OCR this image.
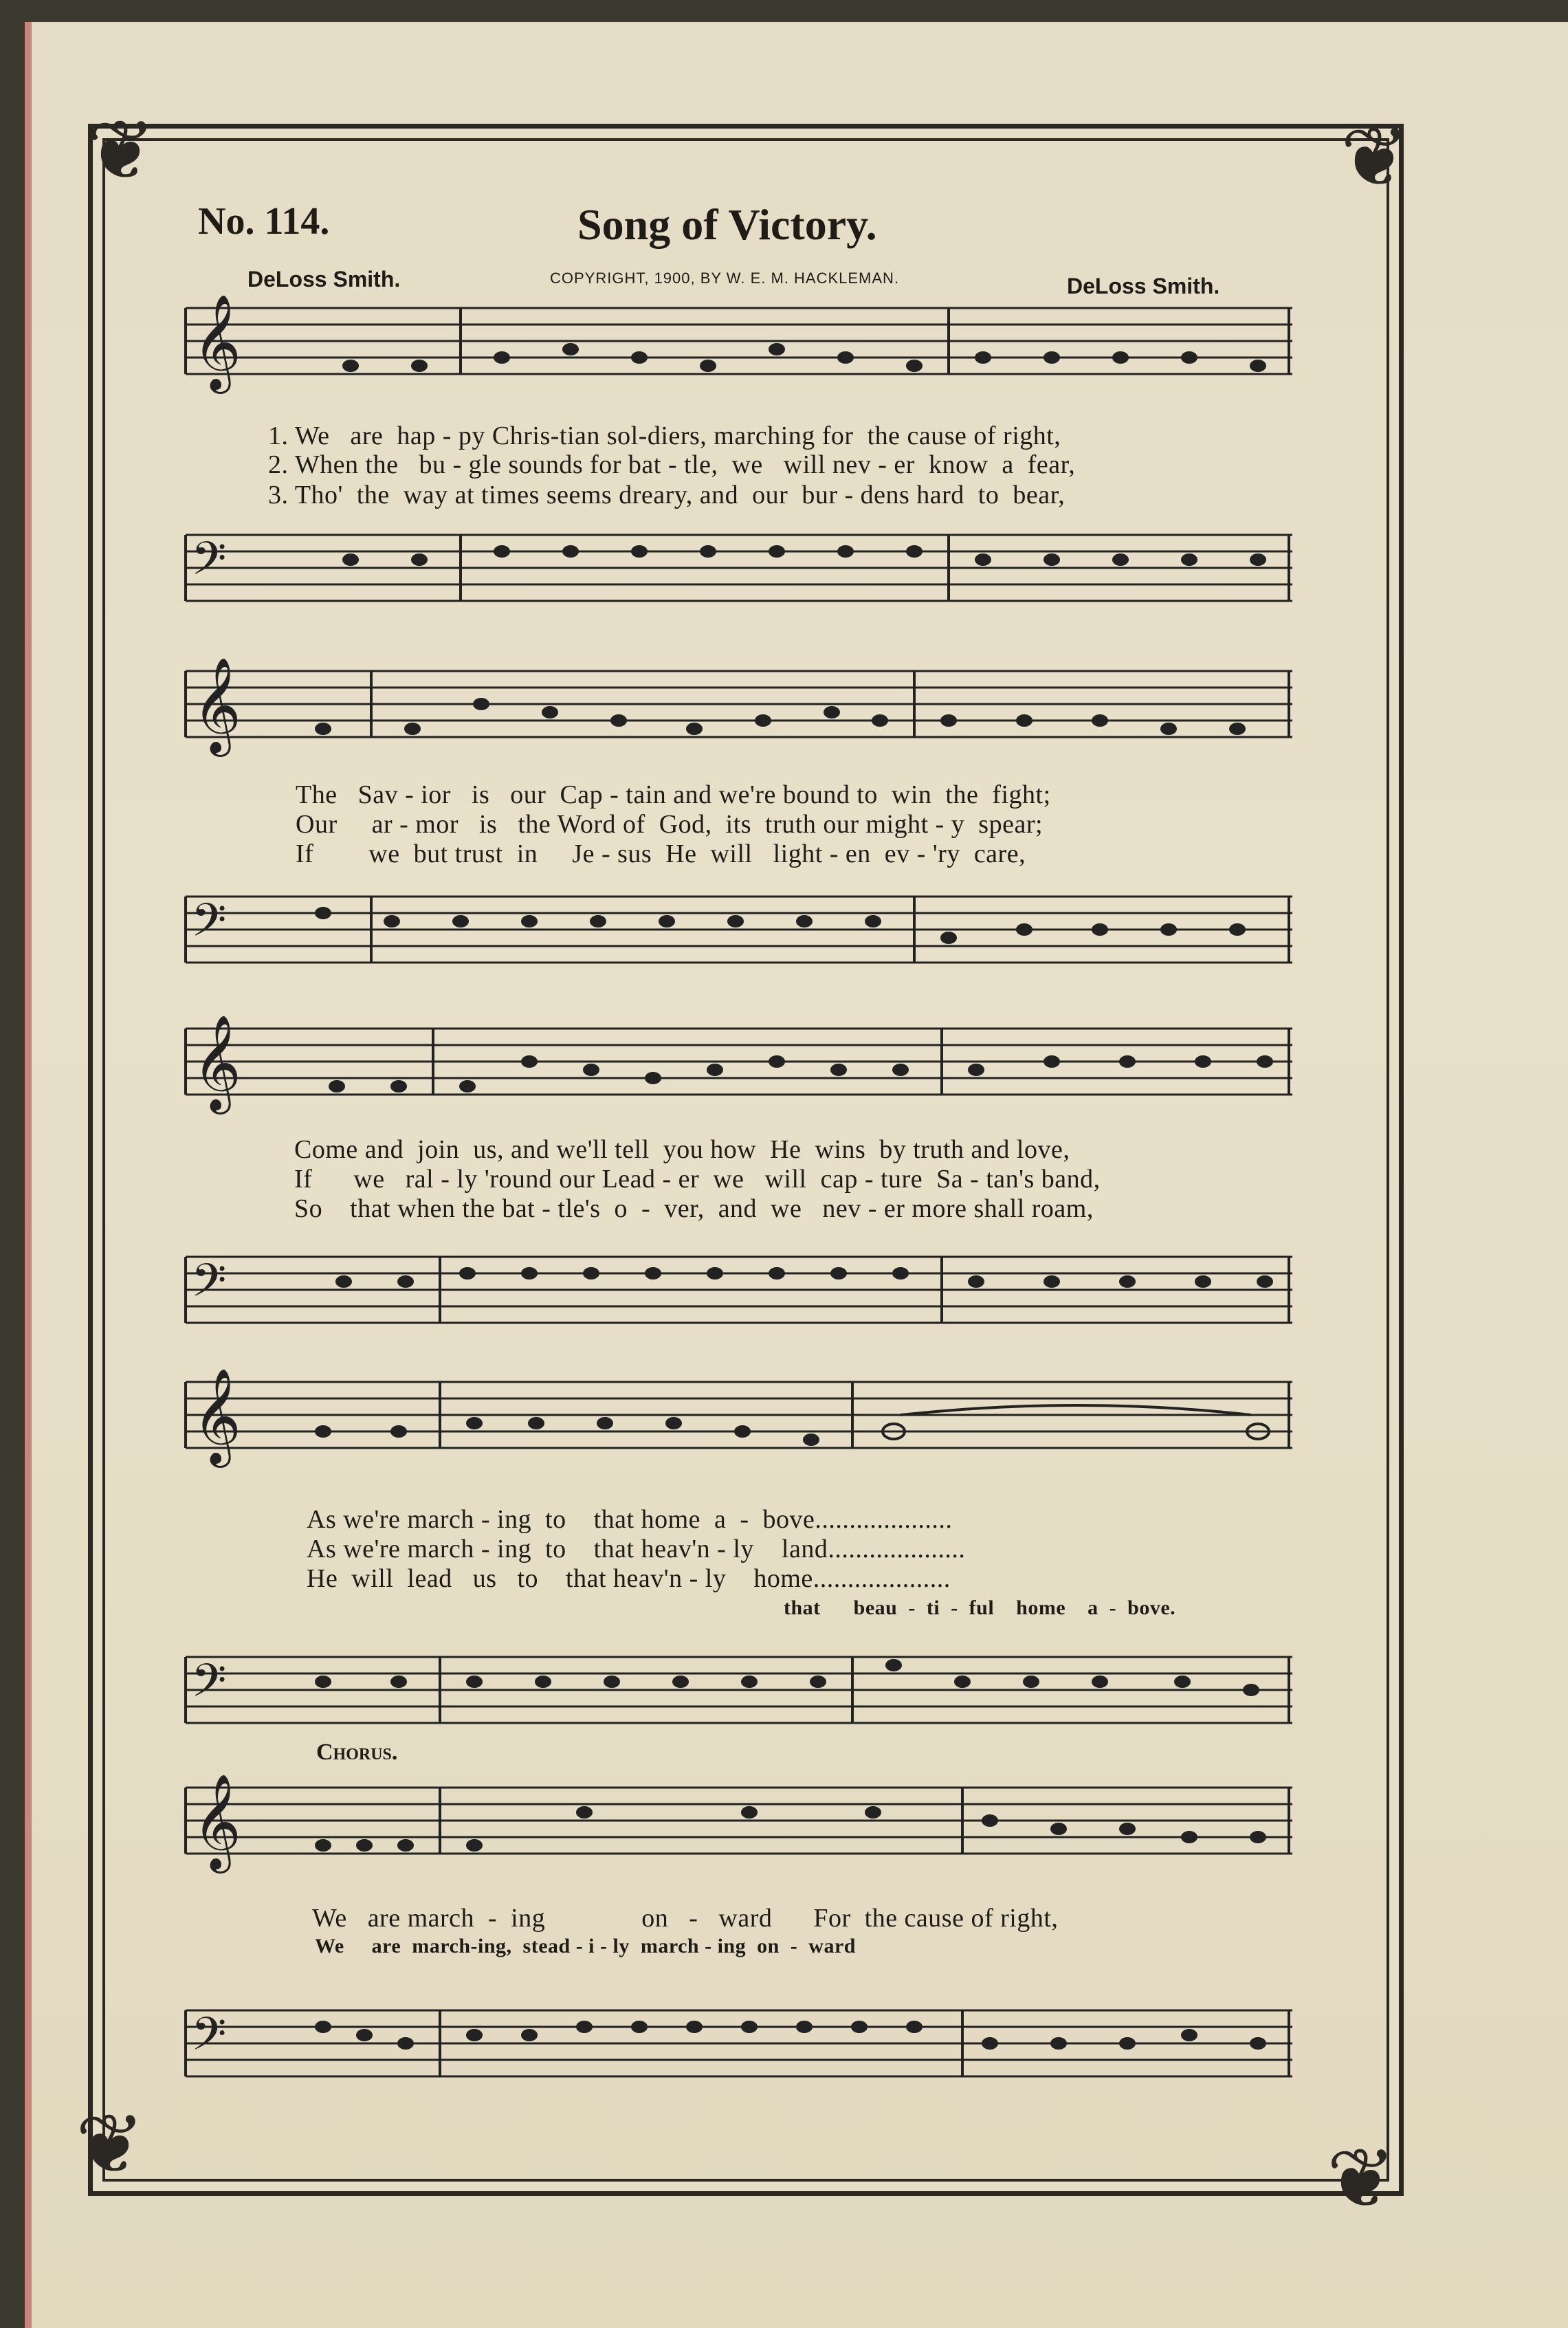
❦	❦
❦	❦
No. 114.	Song of Victory.
DeLoss Smith.	COPYRIGHT, 1900, BY W. E. M. HACKLEMAN.	DeLoss Smith.
𝄞
1. We   are  hap - py Chris-tian sol-diers, marching for  the cause of right,
2. When the   bu - gle sounds for bat - tle,  we   will nev - er  know  a  fear,
3. Tho'  the  way at times seems dreary, and  our  bur - dens hard  to  bear,
𝄢
𝄞
The   Sav - ior   is   our  Cap - tain and we're bound to  win  the  fight;
Our     ar - mor   is   the Word of  God,  its  truth our might - y  spear;
If        we  but trust  in     Je - sus  He  will   light - en  ev - 'ry  care,
𝄢
𝄞
Come and  join  us, and we'll tell  you how  He  wins  by truth and love,
If      we   ral - ly 'round our Lead - er  we   will  cap - ture  Sa - tan's band,
So    that when the bat - tle's  o  -  ver,  and  we   nev - er more shall roam,
𝄢
𝄞
As we're march - ing  to    that home  a  -  bove....................
As we're march - ing  to    that heav'n - ly    land....................
He  will  lead   us   to    that heav'n - ly    home....................
that      beau  -  ti  -  ful    home    a  -  bove.
𝄢
Chorus.
𝄞
We   are march  -  ing              on   -   ward      For  the cause of right,
We     are  march-ing,  stead - i - ly  march - ing  on  -  ward
𝄢
